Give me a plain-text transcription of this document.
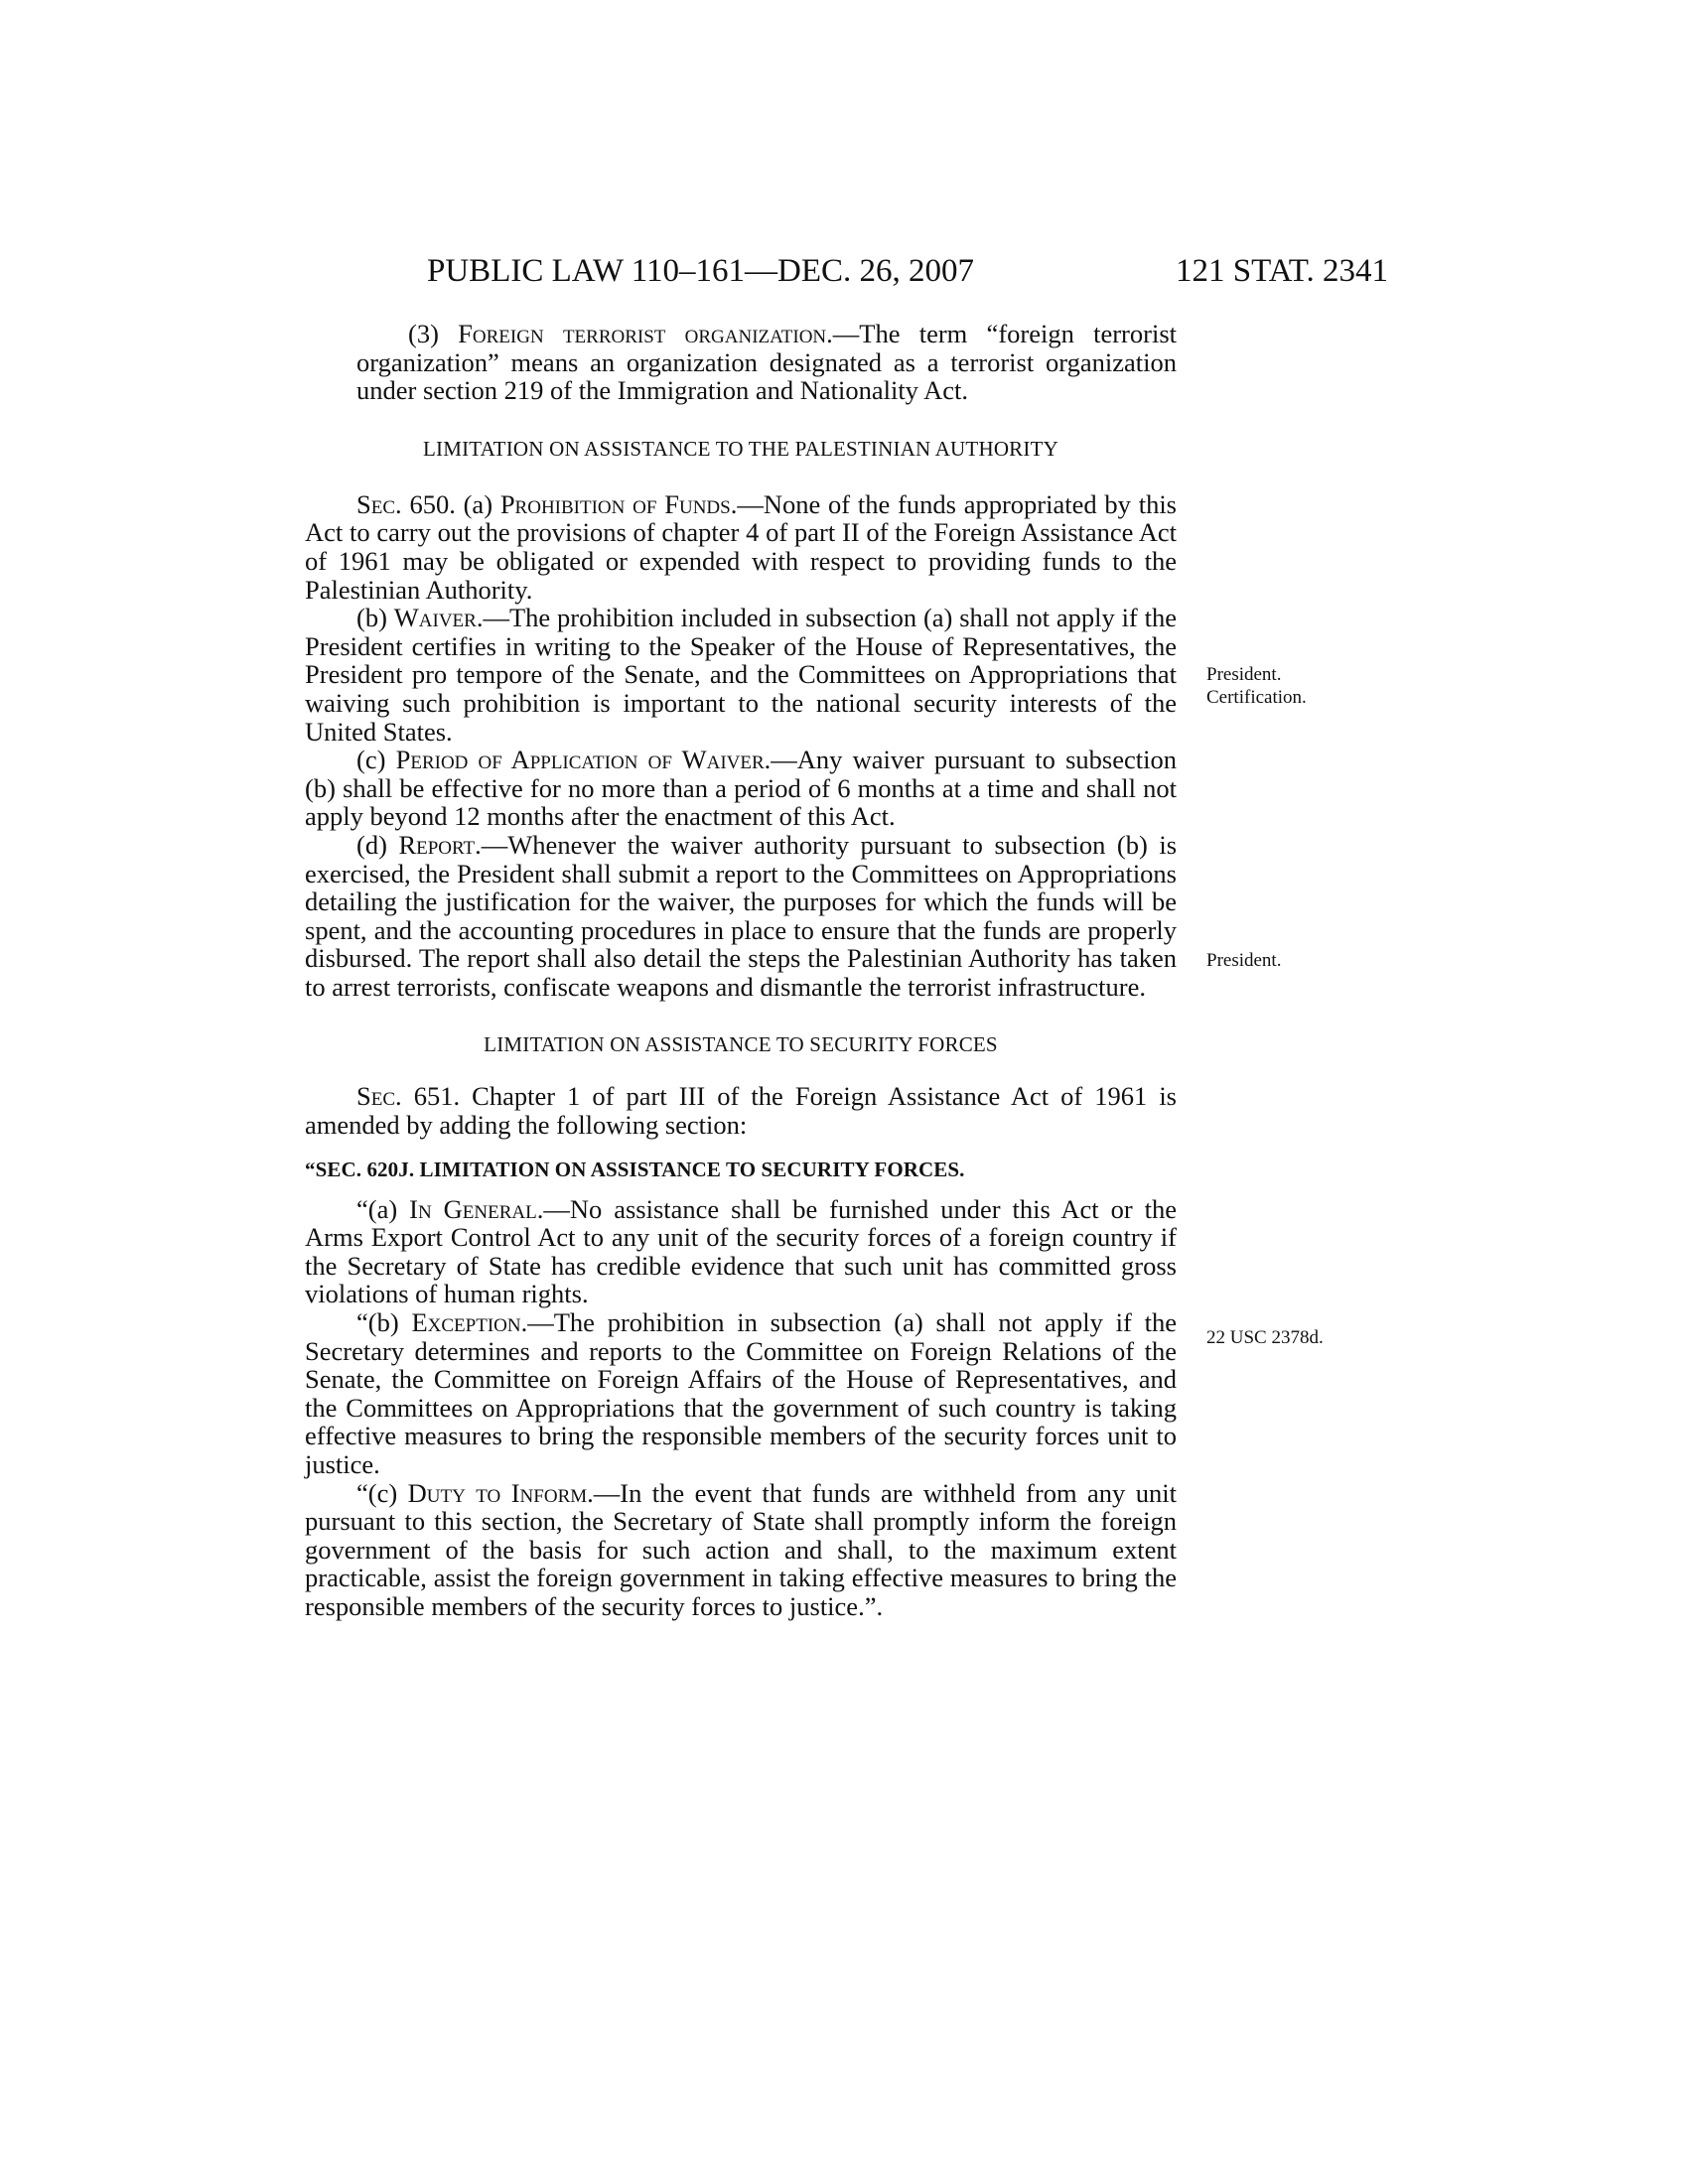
PUBLIC LAW 110–161—DEC. 26, 2007	121 STAT. 2341

(3) Foreign terrorist organization.—The term “foreign terrorist organization” means an organization designated as a terrorist organization under section 219 of the Immigration and Nationality Act.

LIMITATION ON ASSISTANCE TO THE PALESTINIAN AUTHORITY

Sec. 650. (a) Prohibition of Funds.—None of the funds appropriated by this Act to carry out the provisions of chapter 4 of part II of the Foreign Assistance Act of 1961 may be obligated or expended with respect to providing funds to the Palestinian Authority.

(b) Waiver.—The prohibition included in subsection (a) shall not apply if the President certifies in writing to the Speaker of the House of Representatives, the President pro tempore of the Senate, and the Committees on Appropriations that waiving such prohibition is important to the national security interests of the United States.

(c) Period of Application of Waiver.—Any waiver pursuant to subsection (b) shall be effective for no more than a period of 6 months at a time and shall not apply beyond 12 months after the enactment of this Act.

(d) Report.—Whenever the waiver authority pursuant to subsection (b) is exercised, the President shall submit a report to the Committees on Appropriations detailing the justification for the waiver, the purposes for which the funds will be spent, and the accounting procedures in place to ensure that the funds are properly disbursed. The report shall also detail the steps the Palestinian Authority has taken to arrest terrorists, confiscate weapons and dismantle the terrorist infrastructure.

LIMITATION ON ASSISTANCE TO SECURITY FORCES

Sec. 651. Chapter 1 of part III of the Foreign Assistance Act of 1961 is amended by adding the following section:

“SEC. 620J. LIMITATION ON ASSISTANCE TO SECURITY FORCES.

“(a) In General.—No assistance shall be furnished under this Act or the Arms Export Control Act to any unit of the security forces of a foreign country if the Secretary of State has credible evidence that such unit has committed gross violations of human rights.

“(b) Exception.—The prohibition in subsection (a) shall not apply if the Secretary determines and reports to the Committee on Foreign Relations of the Senate, the Committee on Foreign Affairs of the House of Representatives, and the Committees on Appropriations that the government of such country is taking effective measures to bring the responsible members of the security forces unit to justice.

“(c) Duty to Inform.—In the event that funds are withheld from any unit pursuant to this section, the Secretary of State shall promptly inform the foreign government of the basis for such action and shall, to the maximum extent practicable, assist the foreign government in taking effective measures to bring the responsible members of the security forces to justice.”.

President.
Certification.
President.
22 USC 2378d.
